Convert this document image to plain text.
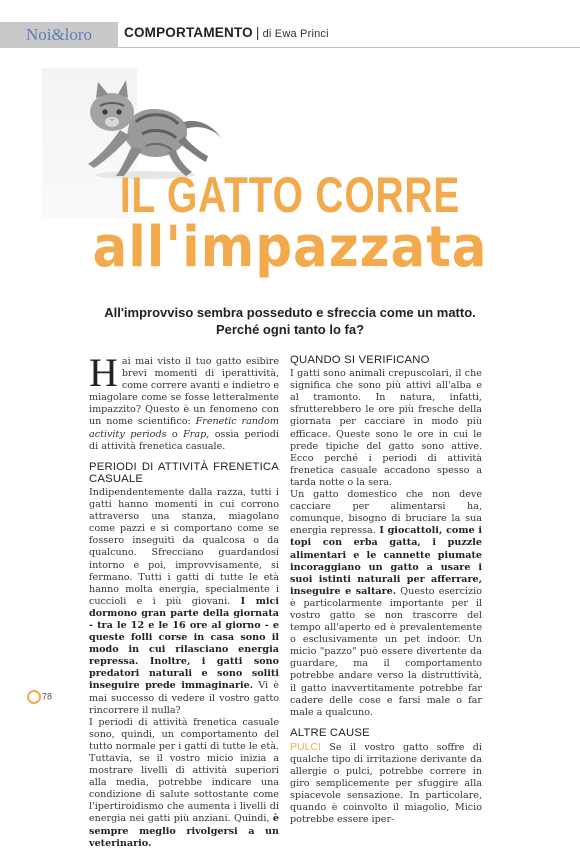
Noi&loro	COMPORTAMENTO | di Ewa Princi
IL GATTO CORRE
all'impazzata
All'improvviso sembra posseduto e sfreccia come un matto.
Perché ogni tanto lo fa?

Hai mai visto il tuo gatto esibire brevi momenti di iperattività, come correre avanti e indietro e miagolare come se fosse letteralmente impazzito? Questo è un fenomeno con un nome scientifico: Frenetic random activity periods o Frap, ossia periodi di attività frenetica casuale.

PERIODI DI ATTIVITÀ FRENETICA CASUALE

Indipendentemente dalla razza, tutti i gatti hanno momenti in cui corrono attraverso una stanza, miagolano come pazzi e si comportano come se fossero inseguiti da qualcosa o da qualcuno. Sfrecciano guardandosi intorno e poi, improvvisamente, si fermano. Tutti i gatti di tutte le età hanno molta energia, specialmente i cuccioli e i più giovani. I mici dormono gran parte della giornata - tra le 12 e le 16 ore al giorno - e queste folli corse in casa sono il modo in cui rilasciano energia repressa. Inoltre, i gatti sono predatori naturali e sono soliti inseguire prede immaginarie. Vi è mai successo di vedere il vostro gatto rincorrere il nulla?

I periodi di attività frenetica casuale sono, quindi, un comportamento del tutto normale per i gatti di tutte le età. Tuttavia, se il vostro micio inizia a mostrare livelli di attività superiori alla media, potrebbe indicare una condizione di salute sottostante come l'ipertiroidismo che aumenta i livelli di energia nei gatti più anziani. Quindi, è sempre meglio rivolgersi a un veterinario.

QUANDO SI VERIFICANO

I gatti sono animali crepuscolari, il che significa che sono più attivi all'alba e al tramonto. In natura, infatti, sfrutterebbero le ore più fresche della giornata per cacciare in modo più efficace. Queste sono le ore in cui le prede tipiche del gatto sono attive. Ecco perché i periodi di attività frenetica casuale accadono spesso a tarda notte o la sera.

Un gatto domestico che non deve cacciare per alimentarsi ha, comunque, bisogno di bruciare la sua energia repressa. I giocattoli, come i topi con erba gatta, i puzzle alimentari e le cannette piumate incoraggiano un gatto a usare i suoi istinti naturali per afferrare, inseguire e saltare. Questo esercizio è particolarmente importante per il vostro gatto se non trascorre del tempo all'aperto ed è prevalentemente o esclusivamente un pet indoor. Un micio "pazzo" può essere divertente da guardare, ma il comportamento potrebbe andare verso la distruttività, il gatto inavvertitamente potrebbe far cadere delle cose e farsi male o far male a qualcuno.

ALTRE CAUSE

PULCI Se il vostro gatto soffre di qualche tipo di irritazione derivante da allergie o pulci, potrebbe correre in giro semplicemente per sfuggire alla spiacevole sensazione. In particolare, quando è coinvolto il miagolio, Micio potrebbe essere iper-

78
